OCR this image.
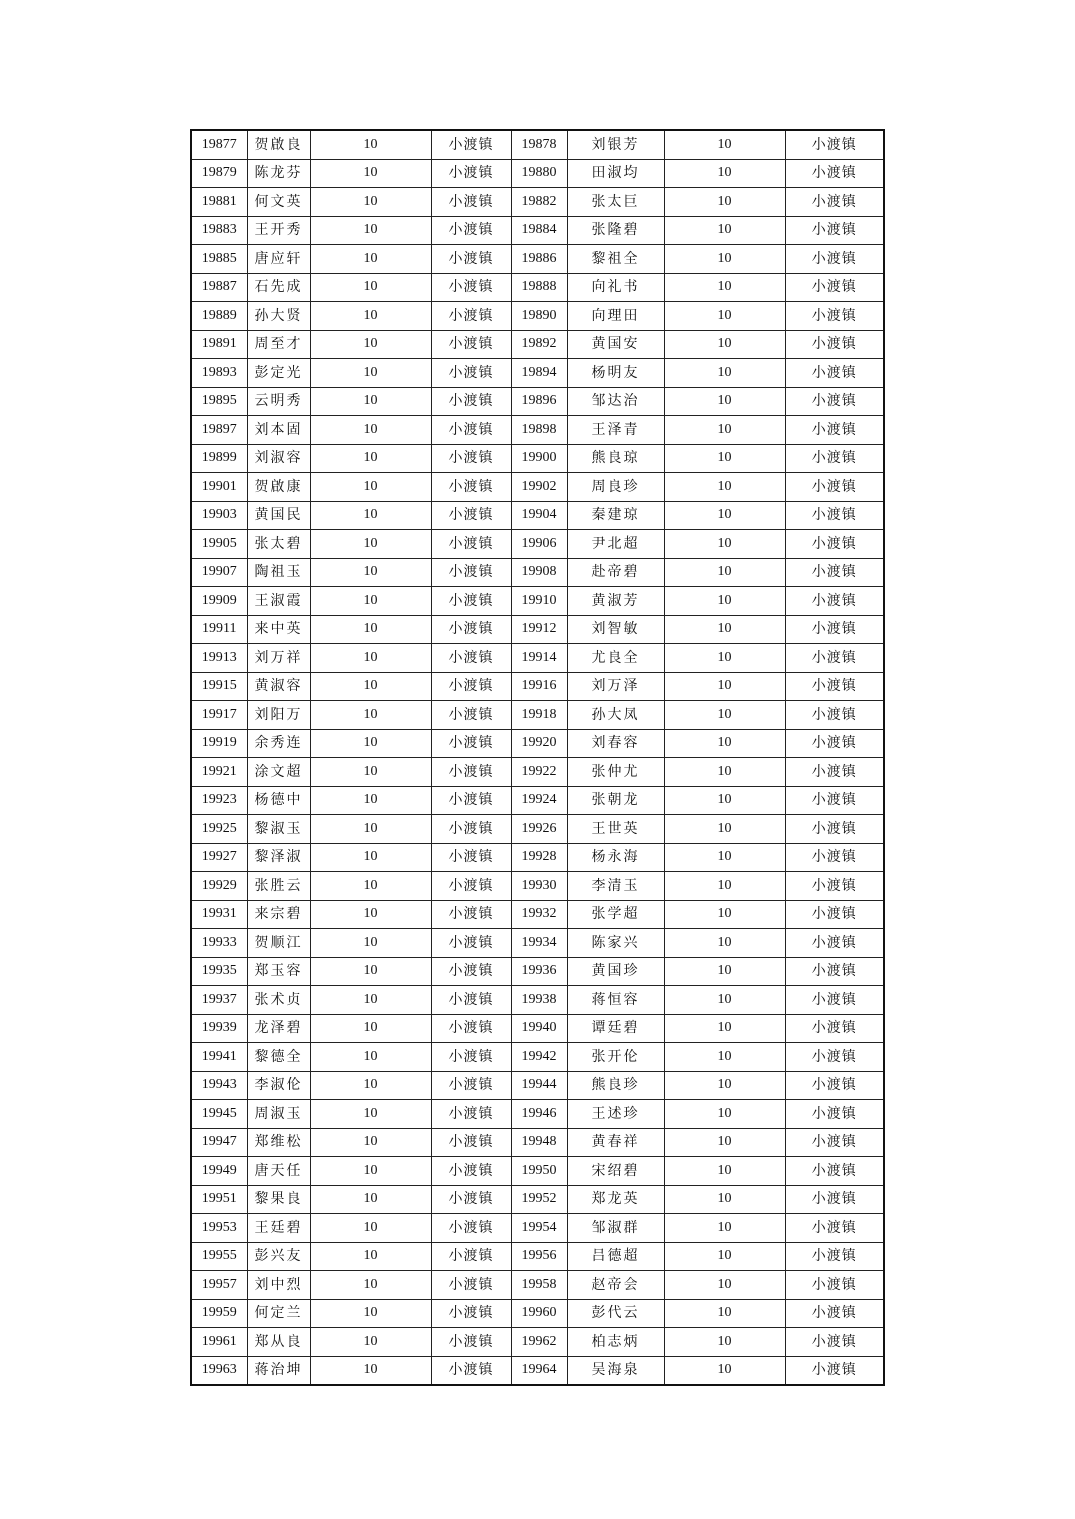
19877	贺啟良	10	小渡镇	19878	刘银芳	10	小渡镇
19879	陈龙芬	10	小渡镇	19880	田淑均	10	小渡镇
19881	何文英	10	小渡镇	19882	张太巨	10	小渡镇
19883	王开秀	10	小渡镇	19884	张隆碧	10	小渡镇
19885	唐应轩	10	小渡镇	19886	黎祖全	10	小渡镇
19887	石先成	10	小渡镇	19888	向礼书	10	小渡镇
19889	孙大贤	10	小渡镇	19890	向理田	10	小渡镇
19891	周至才	10	小渡镇	19892	黄国安	10	小渡镇
19893	彭定光	10	小渡镇	19894	杨明友	10	小渡镇
19895	云明秀	10	小渡镇	19896	邹达治	10	小渡镇
19897	刘本固	10	小渡镇	19898	王泽青	10	小渡镇
19899	刘淑容	10	小渡镇	19900	熊良琼	10	小渡镇
19901	贺啟康	10	小渡镇	19902	周良珍	10	小渡镇
19903	黄国民	10	小渡镇	19904	秦建琼	10	小渡镇
19905	张太碧	10	小渡镇	19906	尹北超	10	小渡镇
19907	陶祖玉	10	小渡镇	19908	赴帝碧	10	小渡镇
19909	王淑霞	10	小渡镇	19910	黄淑芳	10	小渡镇
19911	来中英	10	小渡镇	19912	刘智敏	10	小渡镇
19913	刘万祥	10	小渡镇	19914	尤良全	10	小渡镇
19915	黄淑容	10	小渡镇	19916	刘万泽	10	小渡镇
19917	刘阳万	10	小渡镇	19918	孙大凤	10	小渡镇
19919	余秀连	10	小渡镇	19920	刘春容	10	小渡镇
19921	涂文超	10	小渡镇	19922	张仲尤	10	小渡镇
19923	杨德中	10	小渡镇	19924	张朝龙	10	小渡镇
19925	黎淑玉	10	小渡镇	19926	王世英	10	小渡镇
19927	黎泽淑	10	小渡镇	19928	杨永海	10	小渡镇
19929	张胜云	10	小渡镇	19930	李清玉	10	小渡镇
19931	来宗碧	10	小渡镇	19932	张学超	10	小渡镇
19933	贺顺江	10	小渡镇	19934	陈家兴	10	小渡镇
19935	郑玉容	10	小渡镇	19936	黄国珍	10	小渡镇
19937	张术贞	10	小渡镇	19938	蒋恒容	10	小渡镇
19939	龙泽碧	10	小渡镇	19940	谭廷碧	10	小渡镇
19941	黎德全	10	小渡镇	19942	张开伦	10	小渡镇
19943	李淑伦	10	小渡镇	19944	熊良珍	10	小渡镇
19945	周淑玉	10	小渡镇	19946	王述珍	10	小渡镇
19947	郑维松	10	小渡镇	19948	黄春祥	10	小渡镇
19949	唐天任	10	小渡镇	19950	宋绍碧	10	小渡镇
19951	黎果良	10	小渡镇	19952	郑龙英	10	小渡镇
19953	王廷碧	10	小渡镇	19954	邹淑群	10	小渡镇
19955	彭兴友	10	小渡镇	19956	吕德超	10	小渡镇
19957	刘中烈	10	小渡镇	19958	赵帝会	10	小渡镇
19959	何定兰	10	小渡镇	19960	彭代云	10	小渡镇
19961	郑从良	10	小渡镇	19962	柏志炳	10	小渡镇
19963	蒋治坤	10	小渡镇	19964	吴海泉	10	小渡镇
